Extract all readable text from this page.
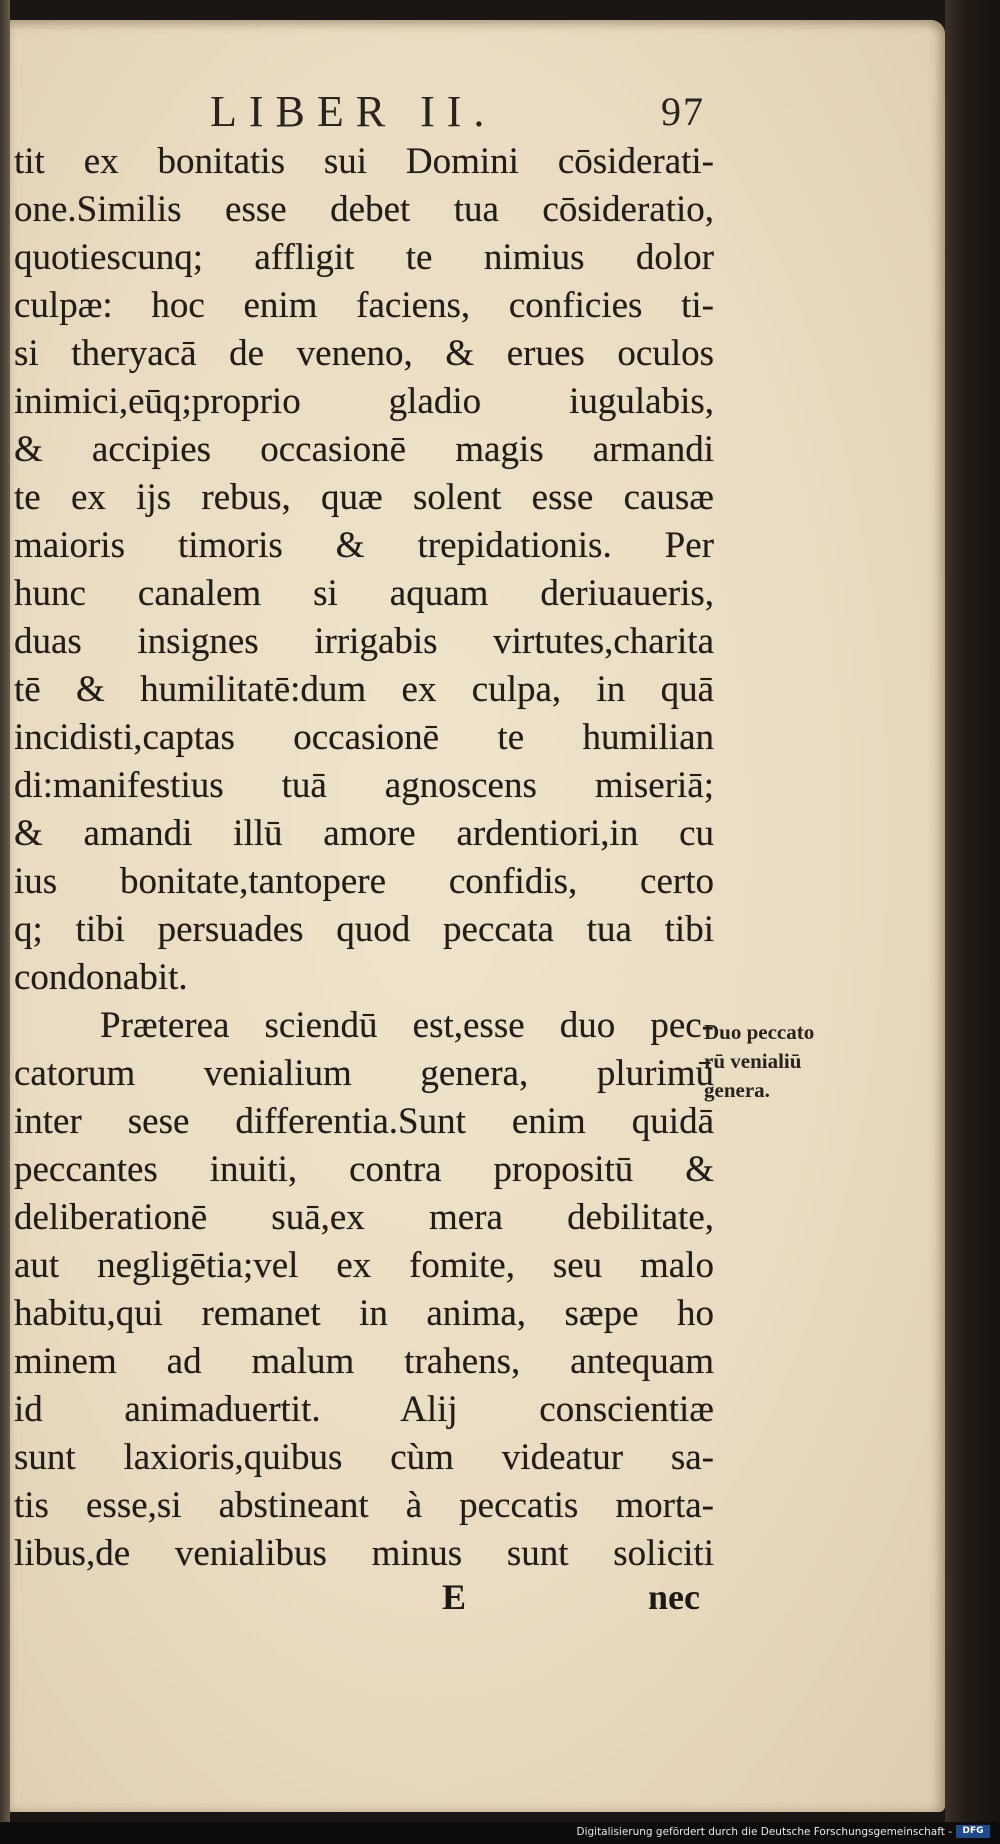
LIBER II.	97
tit ex bonitatis sui Domini cōsiderati-
one.Similis esse debet tua cōsideratio,
quotiescunq; affligit te nimius dolor
culpæ: hoc enim faciens, conficies ti-
si theryacā de veneno, & erues oculos
inimici,eūq;proprio gladio iugulabis,
& accipies occasionē magis armandi
te ex ijs rebus, quæ solent esse causæ
maioris timoris & trepidationis. Per
hunc canalem si aquam deriuaueris,
duas insignes irrigabis virtutes,charita
tē & humilitatē:dum ex culpa, in quā
incidisti,captas occasionē te humilian
di:manifestius tuā agnoscens miseriā;
& amandi illū amore ardentiori,in cu
ius bonitate,tantopere confidis, certo
q; tibi persuades quod peccata tua tibi
condonabit.
Præterea sciendū est,esse duo pec-
catorum venialium genera, plurimū
inter sese differentia.Sunt enim quidā
peccantes inuiti, contra propositū &
deliberationē suā,ex mera debilitate,
aut negligētia;vel ex fomite, seu malo
habitu,qui remanet in anima, sæpe ho
minem ad malum trahens, antequam
id animaduertit. Alij conscientiæ
sunt laxioris,quibus cùm videatur sa-
tis esse,si abstineant à peccatis morta-
libus,de venialibus minus sunt soliciti
Duo peccato
rū venialiū
genera.
E	nec
Digitalisierung gefördert durch die Deutsche Forschungsgemeinschaft -	DFG
